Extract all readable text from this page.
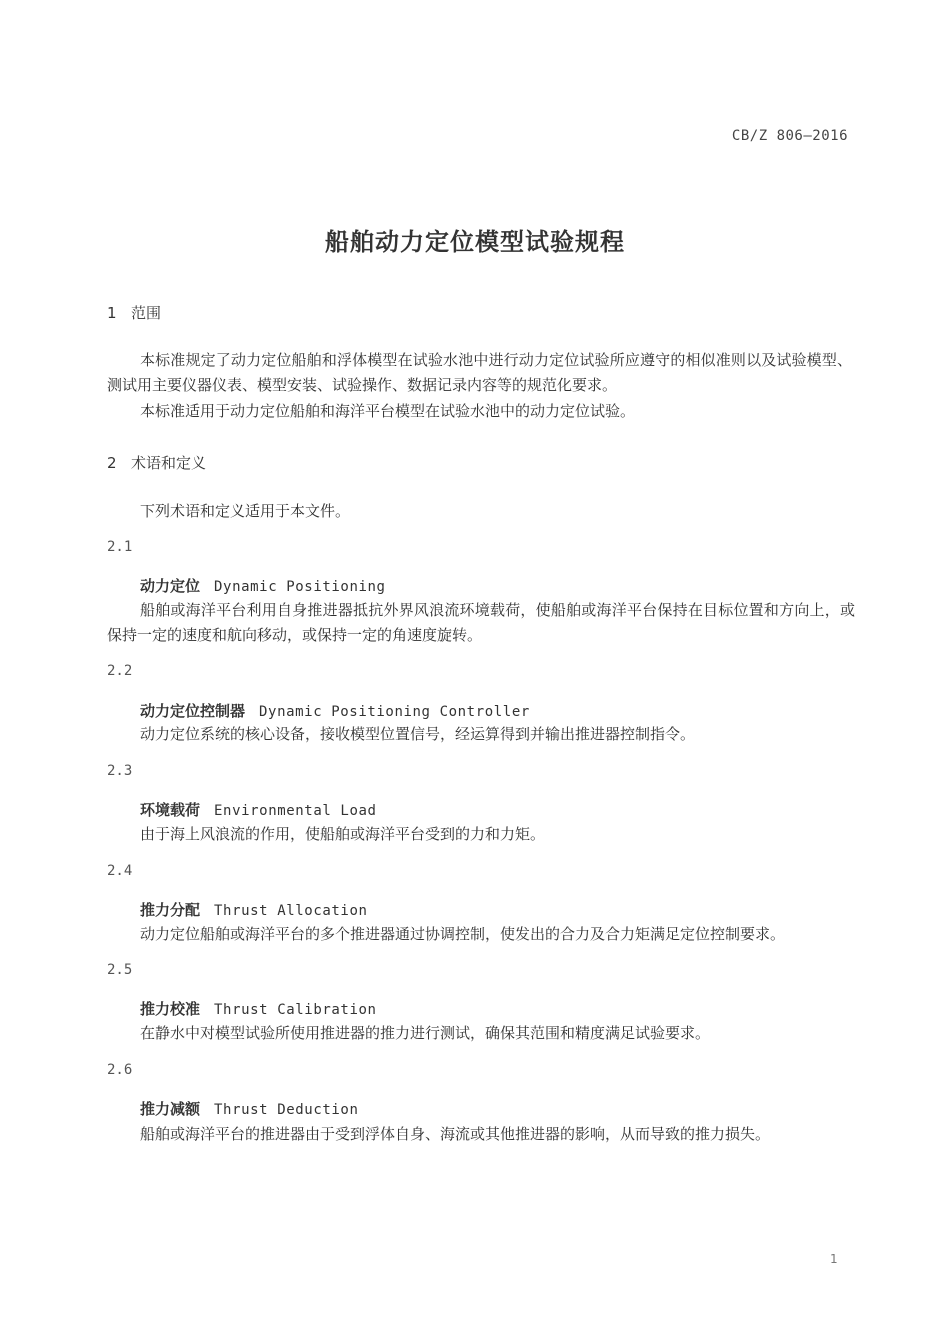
CB/Z 806—2016
船舶动力定位模型试验规程
1 范围
本标准规定了动力定位船舶和浮体模型在试验水池中进行动力定位试验所应遵守的相似准则以及试验模型、测试用主要仪器仪表、模型安装、试验操作、数据记录内容等的规范化要求。
本标准适用于动力定位船舶和海洋平台模型在试验水池中的动力定位试验。
2 术语和定义
下列术语和定义适用于本文件。
2.1
动力定位 Dynamic Positioning
船舶或海洋平台利用自身推进器抵抗外界风浪流环境载荷，使船舶或海洋平台保持在目标位置和方向上，或保持一定的速度和航向移动，或保持一定的角速度旋转。
2.2
动力定位控制器 Dynamic Positioning Controller
动力定位系统的核心设备，接收模型位置信号，经运算得到并输出推进器控制指令。
2.3
环境载荷 Environmental Load
由于海上风浪流的作用，使船舶或海洋平台受到的力和力矩。
2.4
推力分配 Thrust Allocation
动力定位船舶或海洋平台的多个推进器通过协调控制，使发出的合力及合力矩满足定位控制要求。
2.5
推力校准 Thrust Calibration
在静水中对模型试验所使用推进器的推力进行测试，确保其范围和精度满足试验要求。
2.6
推力减额 Thrust Deduction
船舶或海洋平台的推进器由于受到浮体自身、海流或其他推进器的影响，从而导致的推力损失。
1
